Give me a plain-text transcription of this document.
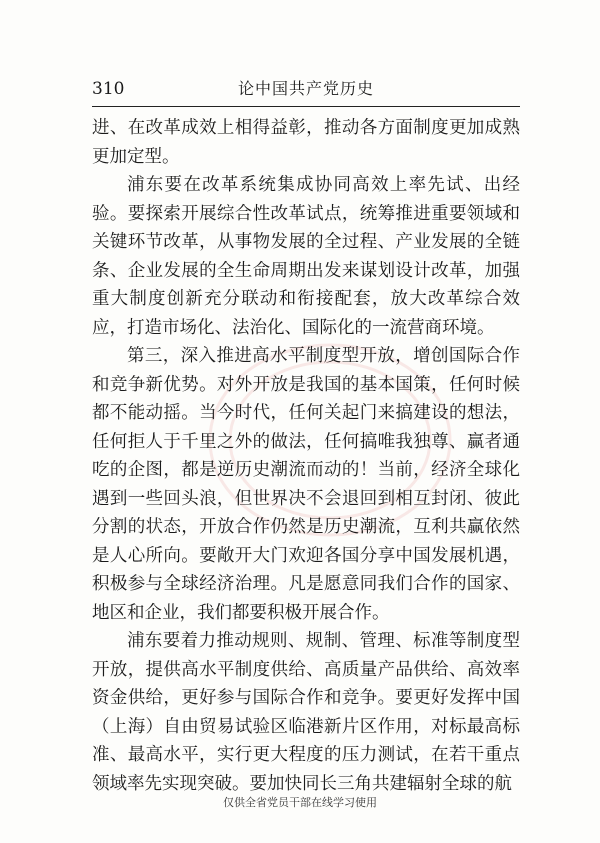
310	论中国共产党历史

进、在改革成效上相得益彰，推动各方面制度更加成熟更加定型。

浦东要在改革系统集成协同高效上率先试、出经验。要探索开展综合性改革试点，统筹推进重要领域和关键环节改革，从事物发展的全过程、产业发展的全链条、企业发展的全生命周期出发来谋划设计改革，加强重大制度创新充分联动和衔接配套，放大改革综合效应，打造市场化、法治化、国际化的一流营商环境。

第三，深入推进高水平制度型开放，增创国际合作和竞争新优势。对外开放是我国的基本国策，任何时候都不能动摇。当今时代，任何关起门来搞建设的想法，任何拒人于千里之外的做法，任何搞唯我独尊、赢者通吃的企图，都是逆历史潮流而动的！当前，经济全球化遇到一些回头浪，但世界决不会退回到相互封闭、彼此分割的状态，开放合作仍然是历史潮流，互利共赢依然是人心所向。要敞开大门欢迎各国分享中国发展机遇，积极参与全球经济治理。凡是愿意同我们合作的国家、地区和企业，我们都要积极开展合作。

浦东要着力推动规则、规制、管理、标准等制度型开放，提供高水平制度供给、高质量产品供给、高效率资金供给，更好参与国际合作和竞争。要更好发挥中国（上海）自由贸易试验区临港新片区作用，对标最高标准、最高水平，实行更大程度的压力测试，在若干重点领域率先实现突破。要加快同长三角共建辐射全球的航

仅供全省党员干部在线学习使用
